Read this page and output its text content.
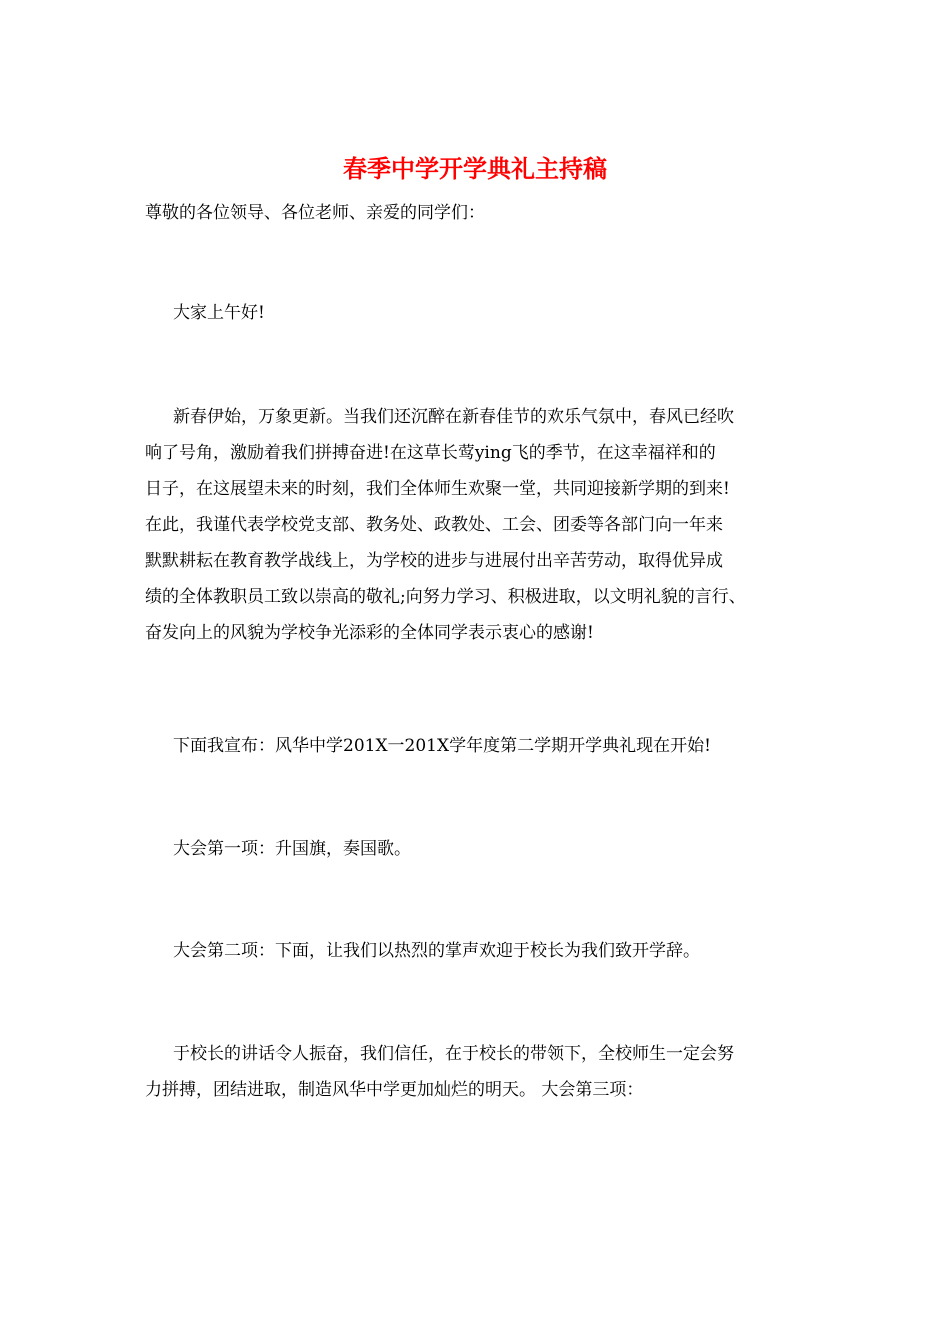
春季中学开学典礼主持稿

尊敬的各位领导、各位老师、亲爱的同学们：

大家上午好!

新春伊始，万象更新。当我们还沉醉在新春佳节的欢乐气氛中，春风已经吹
响了号角，激励着我们拼搏奋进!在这草长莺ying飞的季节，在这幸福祥和的
日子，在这展望未来的时刻，我们全体师生欢聚一堂，共同迎接新学期的到来!
在此，我谨代表学校党支部、教务处、政教处、工会、团委等各部门向一年来
默默耕耘在教育教学战线上，为学校的进步与进展付出辛苦劳动，取得优异成
绩的全体教职员工致以崇高的敬礼;向努力学习、积极进取，以文明礼貌的言行、
奋发向上的风貌为学校争光添彩的全体同学表示衷心的感谢!

下面我宣布：风华中学201X一201X学年度第二学期开学典礼现在开始!

大会第一项：升国旗，奏国歌。

大会第二项：下面，让我们以热烈的掌声欢迎于校长为我们致开学辞。

于校长的讲话令人振奋，我们信任，在于校长的带领下，全校师生一定会努
力拼搏，团结进取，制造风华中学更加灿烂的明天。 大会第三项：
